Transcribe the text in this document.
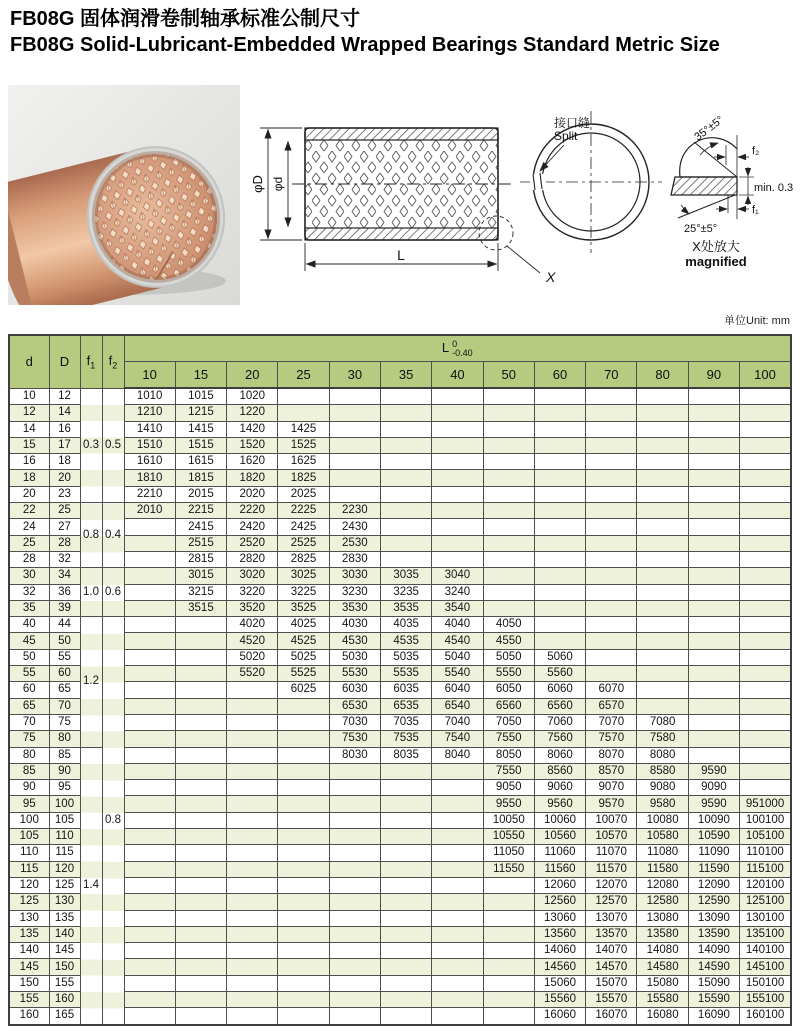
FB08G 固体润滑卷制轴承标准公制尺寸
FB08G Solid-Lubricant-Embedded Wrapped Bearings Standard Metric Size
φD φd
L
X
接口缝
Split	35°±5°
f₂
min. 0.3
f₁
25°±5°
X处放大
magnified
单位Unit: mm
d	D	$f_1$	$f_2$	L 0
-0.40												

				10	15	20	25	30	35	40	50	60	70	80	90	100
10	12	0.3	0.5	1010	1015	1020										
12	14			1210	1215	1220										
14	16			1410	1415	1420	1425									
15	17			1510	1515	1520	1525									
16	18			1610	1615	1620	1625									
18	20			1810	1815	1820	1825									
20	23			2210	2015	2020	2025									
22	25	0.8	0.4	2010	2215	2220	2225	2230								
24	27				2415	2420	2425	2430								
25	28				2515	2520	2525	2530								
28	32				2815	2820	2825	2830								
30	34	1.0	0.6		3015	3020	3025	3030	3035	3040						
32	36				3215	3220	3225	3230	3235	3240						
35	39				3515	3520	3525	3530	3535	3540						
40	44	1.2	0.8			4020	4025	4030	4035	4040	4050					
45	50					4520	4525	4530	4535	4540	4550					
50	55					5020	5025	5030	5035	5040	5050	5060				
55	60					5520	5525	5530	5535	5540	5550	5560				
60	65						6025	6030	6035	6040	6050	6060	6070			
65	70							6530	6535	6540	6560	6560	6570			
70	75							7030	7035	7040	7050	7060	7070	7080		
75	80							7530	7535	7540	7550	7560	7570	7580		
80	85	1.4						8030	8035	8040	8050	8060	8070	8080		
85	90										7550	8560	8570	8580	9590	
90	95										9050	9060	9070	9080	9090	
95	100										9550	9560	9570	9580	9590	951000
100	105										10050	10060	10070	10080	10090	100100
105	110										10550	10560	10570	10580	10590	105100
110	115										11050	11060	11070	11080	11090	110100
115	120										11550	11560	11570	11580	11590	115100
120	125											12060	12070	12080	12090	120100
125	130											12560	12570	12580	12590	125100
130	135											13060	13070	13080	13090	130100
135	140											13560	13570	13580	13590	135100
140	145											14060	14070	14080	14090	140100
145	150											14560	14570	14580	14590	145100
150	155											15060	15070	15080	15090	150100
155	160											15560	15570	15580	15590	155100
160	165											16060	16070	16080	16090	160100
